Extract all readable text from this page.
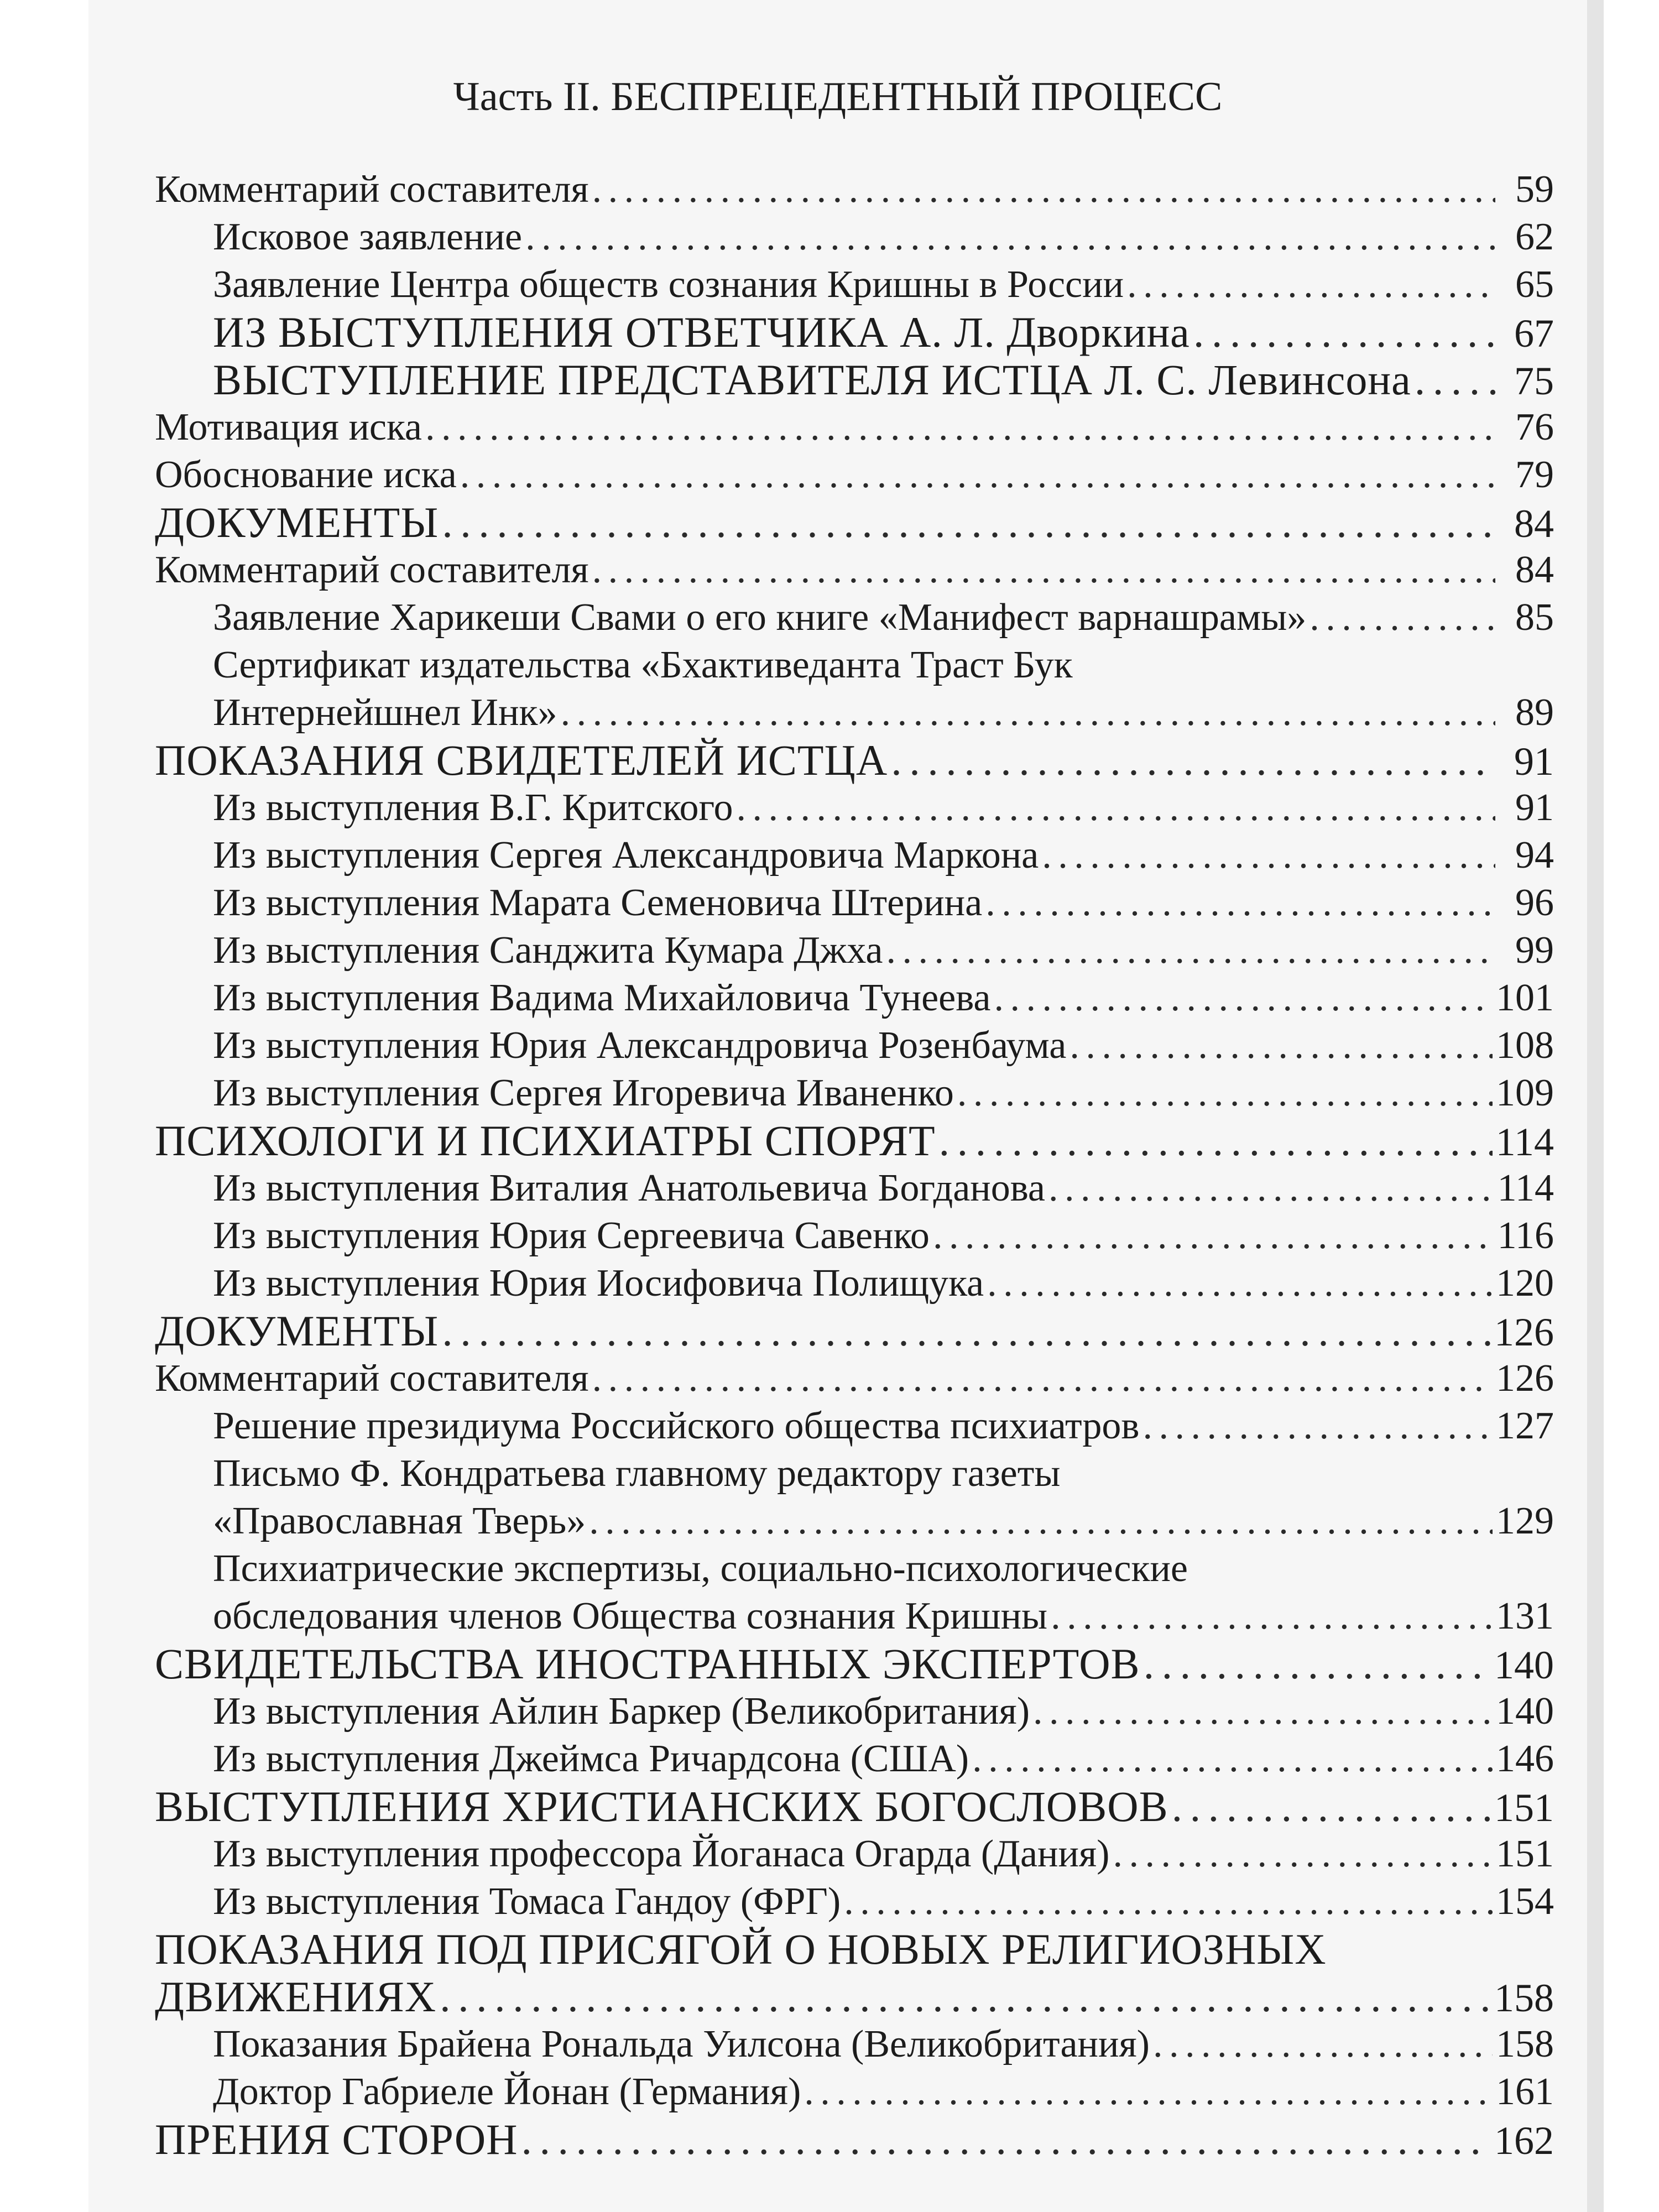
Часть II. БЕСПРЕЦЕДЕНТНЫЙ ПРОЦЕСС
Комментарий составителя . . .	59
Исковое заявление . . .	62
Заявление Центра обществ сознания Кришны в России . . .	65
ИЗ ВЫСТУПЛЕНИЯ ОТВЕТЧИКА А. Л. Дворкина . . .	67
ВЫСТУПЛЕНИЕ ПРЕДСТАВИТЕЛЯ ИСТЦА Л. С. Левинсона . . .	75
Мотивация иска . . .	76
Обоснование иска . . .	79
ДОКУМЕНТЫ . . .	84
Комментарий составителя . . .	84
Заявление Харикеши Свами о его книге «Манифест варнашрамы» . . .	85
Сертификат издательства «Бхактиведанта Траст Бук
Интернейшнел Инк» . . .	89
ПОКАЗАНИЯ СВИДЕТЕЛЕЙ ИСТЦА . . .	91
Из выступления В.Г. Критского . . .	91
Из выступления Сергея Александровича Маркона . . .	94
Из выступления Марата Семеновича Штерина . . .	96
Из выступления Санджита Кумара Джха . . .	99
Из выступления Вадима Михайловича Тунеева . . .	101
Из выступления Юрия Александровича Розенбаума . . .	108
Из выступления Сергея Игоревича Иваненко . . .	109
ПСИХОЛОГИ И ПСИХИАТРЫ СПОРЯТ . . .	114
Из выступления Виталия Анатольевича Богданова . . .	114
Из выступления Юрия Сергеевича Савенко . . .	116
Из выступления Юрия Иосифовича Полищука . . .	120
ДОКУМЕНТЫ . . .	126
Комментарий составителя . . .	126
Решение президиума Российского общества психиатров . . .	127
Письмо Ф. Кондратьева главному редактору газеты
«Православная Тверь» . . .	129
Психиатрические экспертизы, социально-психологические
обследования членов Общества сознания Кришны . . .	131
СВИДЕТЕЛЬСТВА ИНОСТРАННЫХ ЭКСПЕРТОВ . . .	140
Из выступления Айлин Баркер (Великобритания) . . .	140
Из выступления Джеймса Ричардсона (США) . . .	146
ВЫСТУПЛЕНИЯ ХРИСТИАНСКИХ БОГОСЛОВОВ . . .	151
Из выступления профессора Йоганаса Огарда (Дания) . . .	151
Из выступления Томаса Гандоу (ФРГ) . . .	154
ПОКАЗАНИЯ ПОД ПРИСЯГОЙ О НОВЫХ РЕЛИГИОЗНЫХ
ДВИЖЕНИЯХ . . .	158
Показания Брайена Рональда Уилсона (Великобритания) . . .	158
Доктор Габриеле Йонан (Германия) . . .	161
ПРЕНИЯ СТОРОН . . .	162
